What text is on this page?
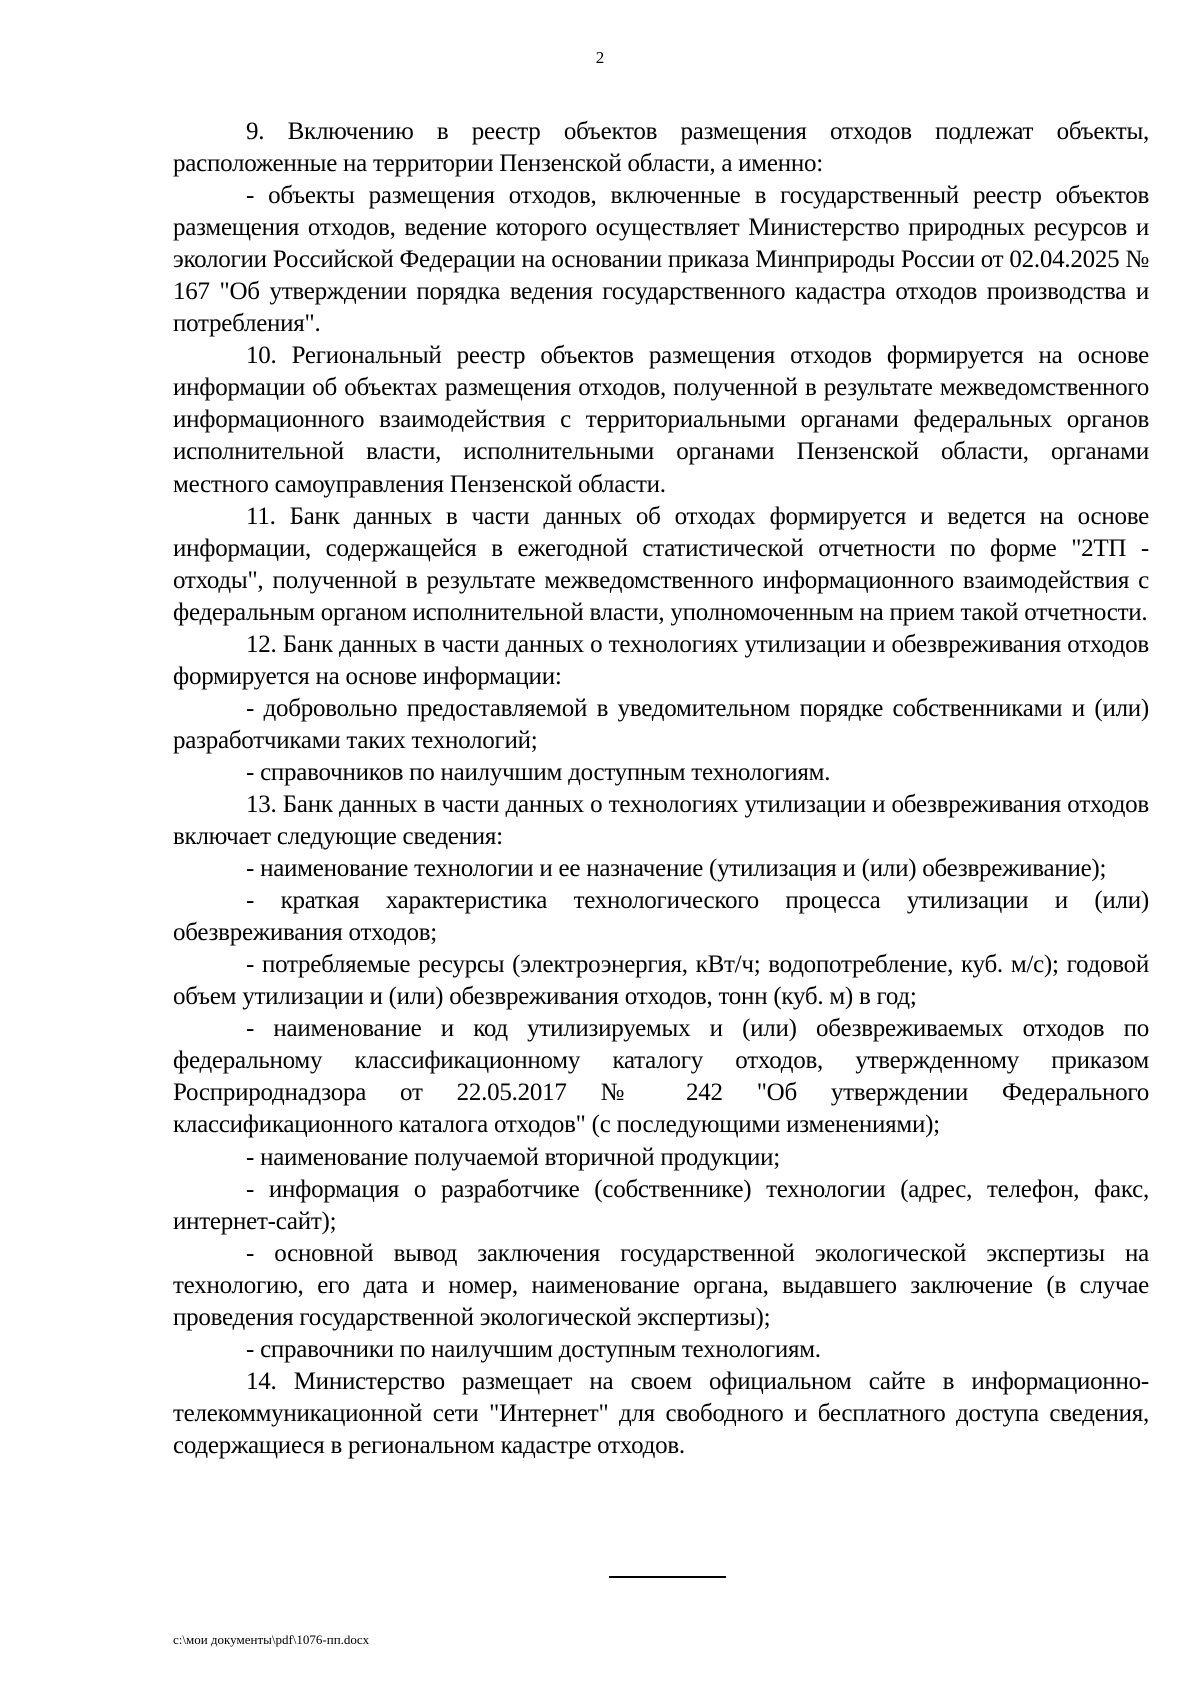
2

9. Включению в реестр объектов размещения отходов подлежат объекты, расположенные на территории Пензенской области, а именно:

- объекты размещения отходов, включенные в государственный реестр объектов размещения отходов, ведение которого осуществляет Министерство природных ресурсов и экологии Российской Федерации на основании приказа Минприроды России от 02.04.2025 № 167 "Об утверждении порядка ведения государственного кадастра отходов производства и потребления".

10. Региональный реестр объектов размещения отходов формируется на основе информации об объектах размещения отходов, полученной в результате межведомственного информационного взаимодействия с территориальными органами федеральных органов исполнительной власти, исполнительными органами Пензенской области, органами местного самоуправления Пензенской области.

11. Банк данных в части данных об отходах формируется и ведется на основе информации, содержащейся в ежегодной статистической отчетности по форме "2ТП - отходы", полученной в результате межведомственного информационного взаимодействия с федеральным органом исполнительной власти, уполномоченным на прием такой отчетности.

12. Банк данных в части данных о технологиях утилизации и обезвреживания отходов формируется на основе информации:

- добровольно предоставляемой в уведомительном порядке собственниками и (или) разработчиками таких технологий;

- справочников по наилучшим доступным технологиям.

13. Банк данных в части данных о технологиях утилизации и обезвреживания отходов включает следующие сведения:

- наименование технологии и ее назначение (утилизация и (или) обезвреживание);

- краткая характеристика технологического процесса утилизации и (или) обезвреживания отходов;

- потребляемые ресурсы (электроэнергия, кВт/ч; водопотребление, куб. м/с); годовой объем утилизации и (или) обезвреживания отходов, тонн (куб. м) в год;

- наименование и код утилизируемых и (или) обезвреживаемых отходов по федеральному классификационному каталогу отходов, утвержденному приказом Росприроднадзора от 22.05.2017 № 242 "Об утверждении Федерального классификационного каталога отходов" (с последующими изменениями);

- наименование получаемой вторичной продукции;

- информация о разработчике (собственнике) технологии (адрес, телефон, факс, интернет-сайт);

- основной вывод заключения государственной экологической экспертизы на технологию, его дата и номер, наименование органа, выдавшего заключение (в случае проведения государственной экологической экспертизы);

- справочники по наилучшим доступным технологиям.

14. Министерство размещает на своем официальном сайте в информационно-телекоммуникационной сети "Интернет" для свободного и бесплатного доступа сведения, содержащиеся в региональном кадастре отходов.

c:\мои документы\pdf\1076-пп.docx
